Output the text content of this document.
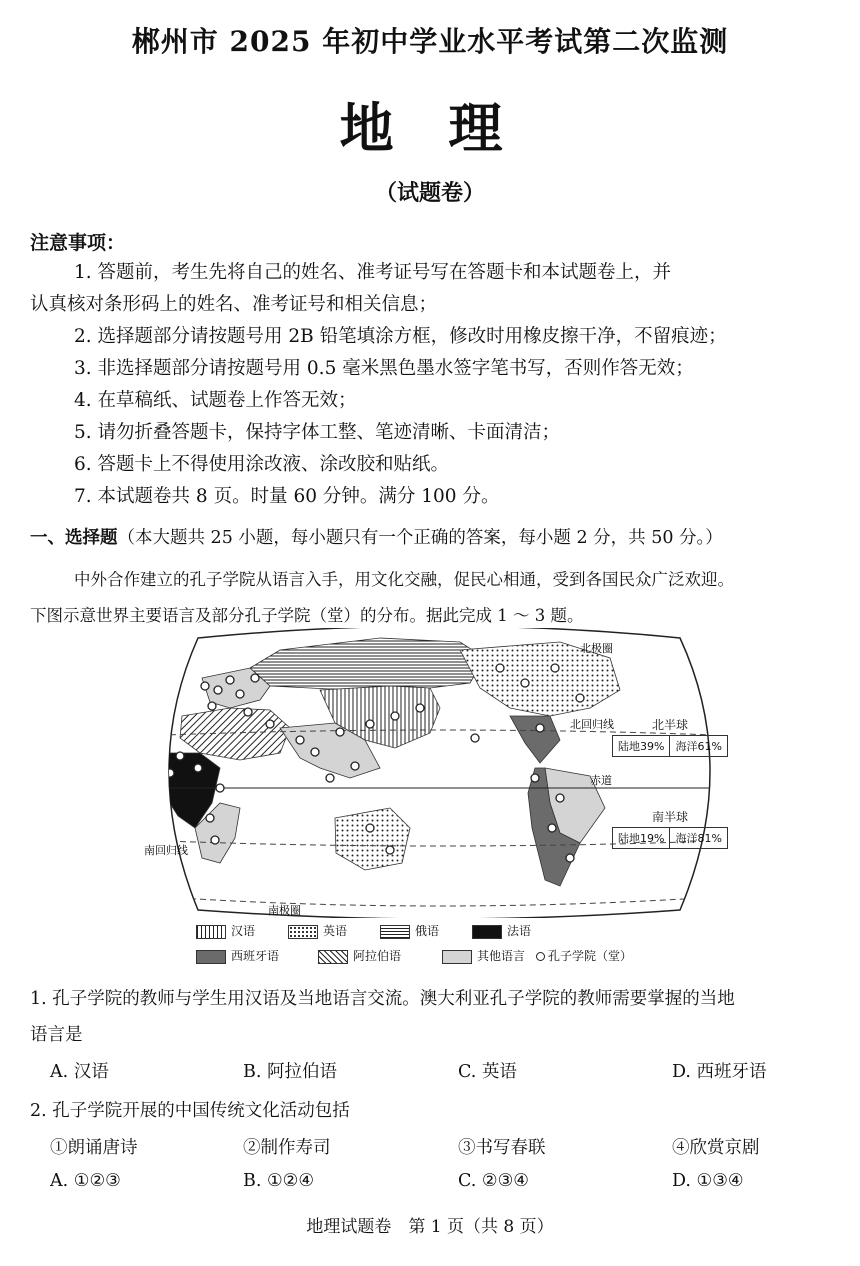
郴州市 2025 年初中学业水平考试第二次监测
地 理
（试题卷）
注意事项：
1. 答题前，考生先将自己的姓名、准考证号写在答题卡和本试题卷上，并
认真核对条形码上的姓名、准考证号和相关信息；
2. 选择题部分请按题号用 2B 铅笔填涂方框，修改时用橡皮擦干净，不留痕迹；
3. 非选择题部分请按题号用 0.5 毫米黑色墨水签字笔书写，否则作答无效；
4. 在草稿纸、试题卷上作答无效；
5. 请勿折叠答题卡，保持字体工整、笔迹清晰、卡面清洁；
6. 答题卡上不得使用涂改液、涂改胶和贴纸。
7. 本试题卷共 8 页。时量 60 分钟。满分 100 分。
一、选择题（本大题共 25 小题，每小题只有一个正确的答案，每小题 2 分，共 50 分。）
中外合作建立的孔子学院从语言入手，用文化交融，促民心相通，受到各国民众广泛欢迎。
下图示意世界主要语言及部分孔子学院（堂）的分布。据此完成 1 ～ 3 题。
北极圈
北回归线
赤道
南回归线
南极圈
北半球
陆地39%	海洋61%
南半球
陆地19%	海洋81%
汉语	英语	俄语	法语
西班牙语	阿拉伯语	其他语言	孔子学院（堂）
1. 孔子学院的教师与学生用汉语及当地语言交流。澳大利亚孔子学院的教师需要掌握的当地
语言是
A. 汉语	B. 阿拉伯语	C. 英语	D. 西班牙语
2. 孔子学院开展的中国传统文化活动包括
①朗诵唐诗	②制作寿司	③书写春联	④欣赏京剧
A. ①②③	B. ①②④	C. ②③④	D. ①③④
地理试题卷　第 1 页（共 8 页）
